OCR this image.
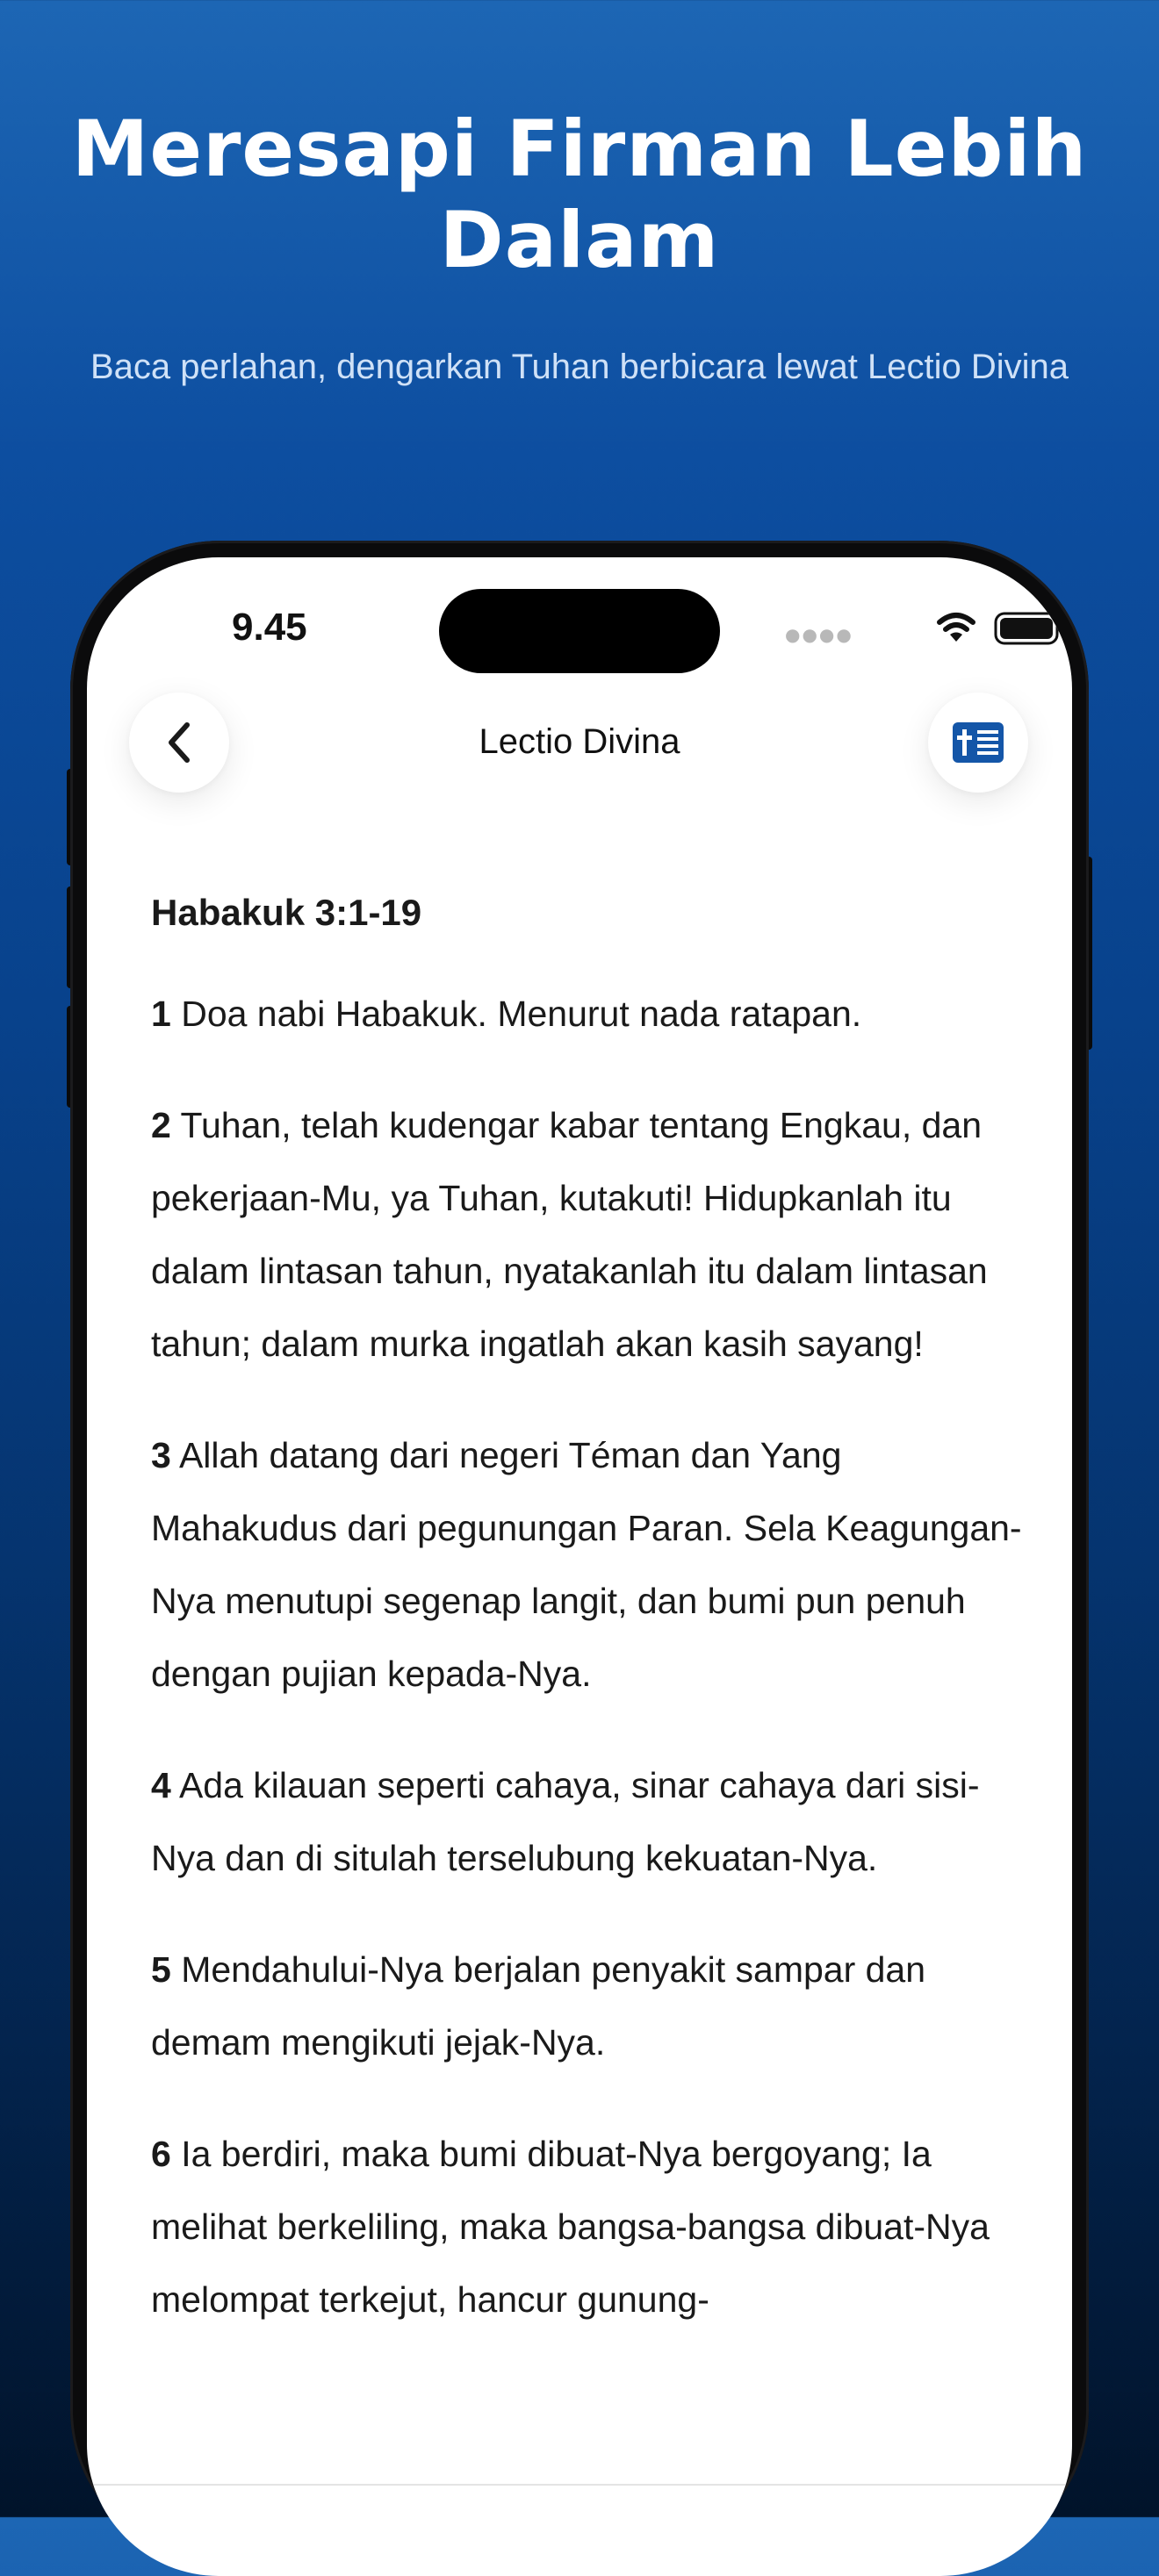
Meresapi Firman Lebih Dalam

Baca perlahan, dengarkan Tuhan berbicara lewat Lectio Divina

9.45	●●●●
Lectio Divina

Habakuk 3:1-19

1 Doa nabi Habakuk. Menurut nada ratapan.

2 Tuhan, telah kudengar kabar tentang Engkau, dan pekerjaan-Mu, ya Tuhan, kutakuti! Hidupkanlah itu dalam lintasan tahun, nyatakanlah itu dalam lintasan tahun; dalam murka ingatlah akan kasih sayang!

3 Allah datang dari negeri Téman dan Yang Mahakudus dari pegunungan Paran. Sela Keagungan-Nya menutupi segenap langit, dan bumi pun penuh dengan pujian kepada-Nya.

4 Ada kilauan seperti cahaya, sinar cahaya dari sisi-Nya dan di situlah terselubung kekuatan-Nya.

5 Mendahului-Nya berjalan penyakit sampar dan demam mengikuti jejak-Nya.

6 Ia berdiri, maka bumi dibuat-Nya bergoyang; Ia melihat berkeliling, maka bangsa-bangsa dibuat-Nya melompat terkejut, hancur gunung-
